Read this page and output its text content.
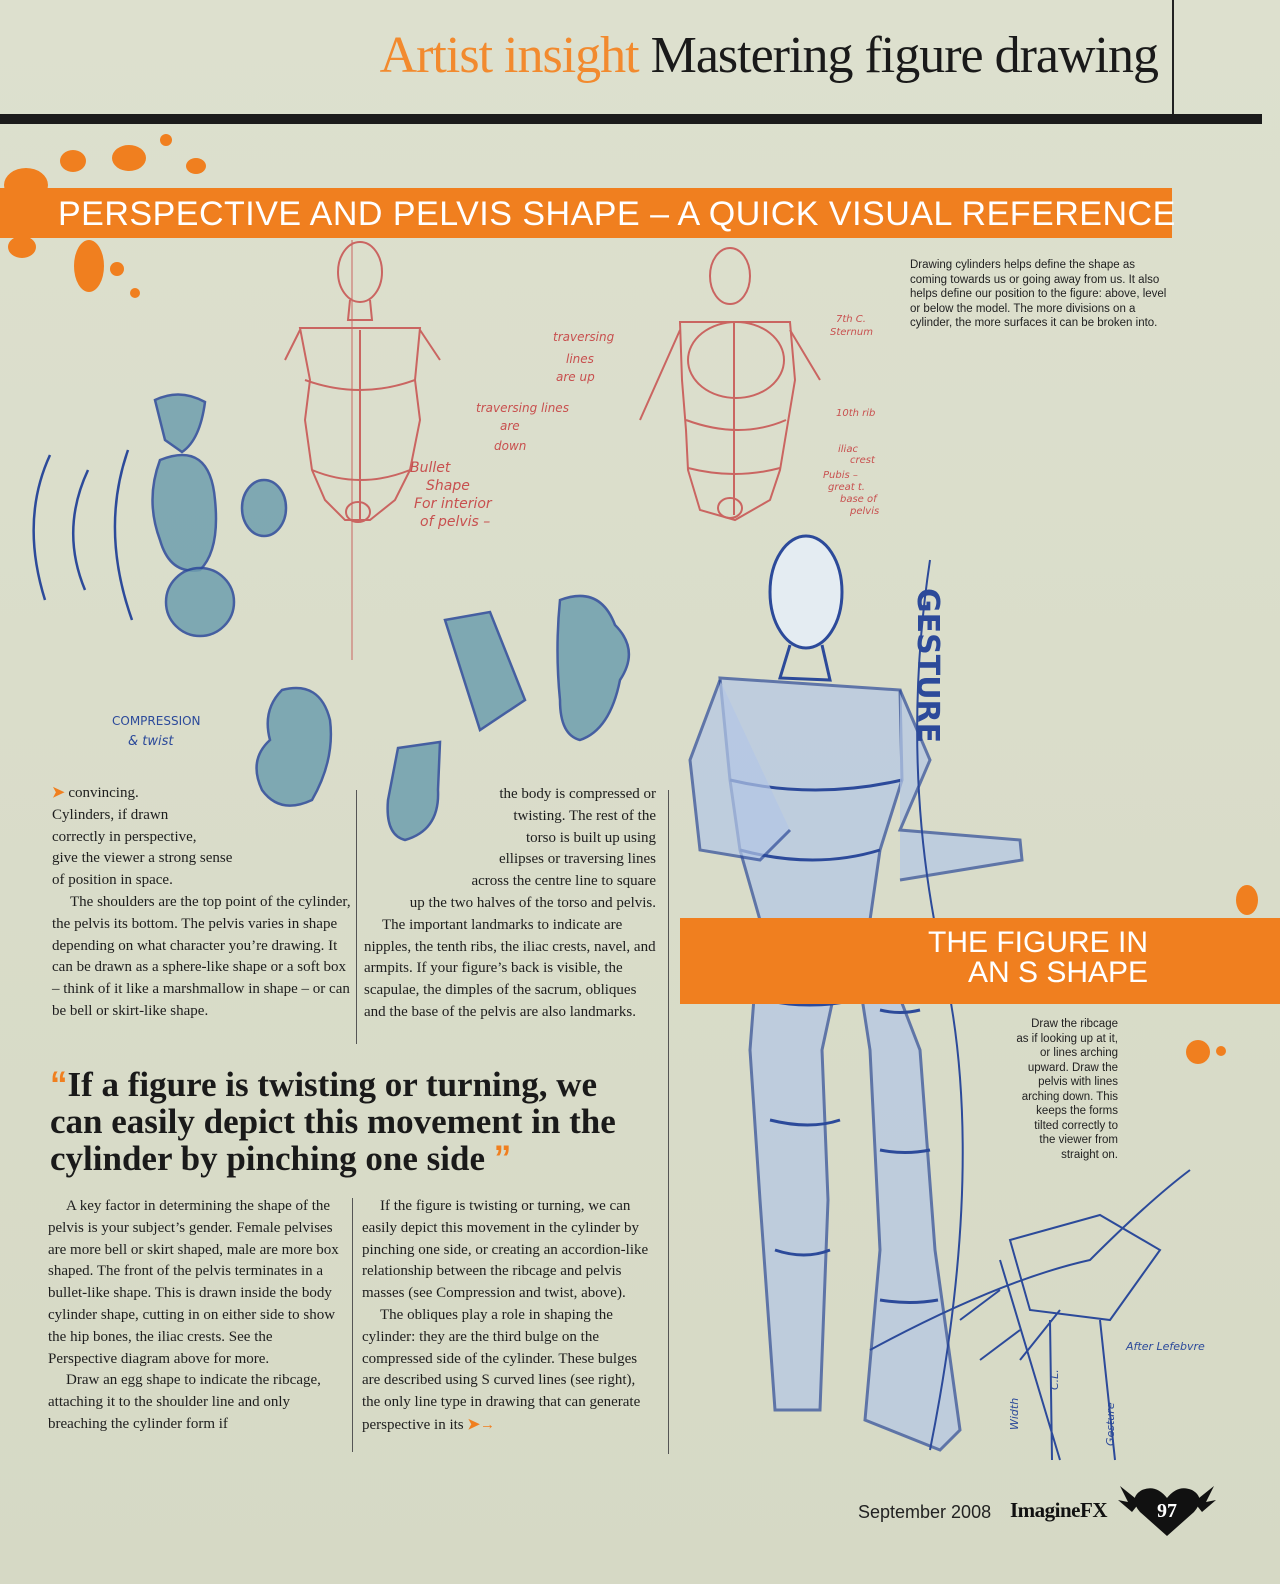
Artist insight Mastering figure drawing
PERSPECTIVE AND PELVIS SHAPE – A QUICK VISUAL REFERENCE
Drawing cylinders helps define the shape as coming towards us or going away from us. It also helps define our position to the figure: above, level or below the model. The more divisions on a cylinder, the more surfaces it can be broken into.
traversing
lines
are up
traversing lines
are
down
Bullet
Shape
For interior
of pelvis –
7th C.
Sternum
10th rib
iliac
crest
Pubis –
great t.
base of
pelvis
COMPRESSION
& twist	GESTURE
After Lefebvre
Width
C.L.
Gesture

➤ convincing.
Cylinders, if drawn
correctly in perspective,
give the viewer a strong sense
of position in space.

The shoulders are the top point of the cylinder, the pelvis its bottom. The pelvis varies in shape depending on what character you’re drawing. It can be drawn as a sphere-like shape or a soft box – think of it like a marshmallow in shape – or can be bell or skirt-like shape.

the body is compressed or
twisting. The rest of the
torso is built up using
ellipses or traversing lines
across the centre line to square
up the two halves of the torso and pelvis.

The important landmarks to indicate are nipples, the tenth ribs, the iliac crests, navel, and armpits. If your figure’s back is visible, the scapulae, the dimples of the sacrum, obliques and the base of the pelvis are also landmarks.

“If a figure is twisting or turning, we can easily depict this movement in the cylinder by pinching one side ”

A key factor in determining the shape of the pelvis is your subject’s gender. Female pelvises are more bell or skirt shaped, male are more box shaped. The front of the pelvis terminates in a bullet-like shape. This is drawn inside the body cylinder shape, cutting in on either side to show the hip bones, the iliac crests. See the Perspective diagram above for more.

Draw an egg shape to indicate the ribcage, attaching it to the shoulder line and only breaching the cylinder form if

If the figure is twisting or turning, we can easily depict this movement in the cylinder by pinching one side, or creating an accordion-like relationship between the ribcage and pelvis masses (see Compression and twist, above).

The obliques play a role in shaping the cylinder: they are the third bulge on the compressed side of the cylinder. These bulges are described using S curved lines (see right), the only line type in drawing that can generate perspective in its ➤→

THE FIGURE IN
AN S SHAPE
Draw the ribcage
as if looking up at it,
or lines arching
upward. Draw the
pelvis with lines
arching down. This
keeps the forms
tilted correctly to
the viewer from
straight on.
September 2008 ImagineFX	97
